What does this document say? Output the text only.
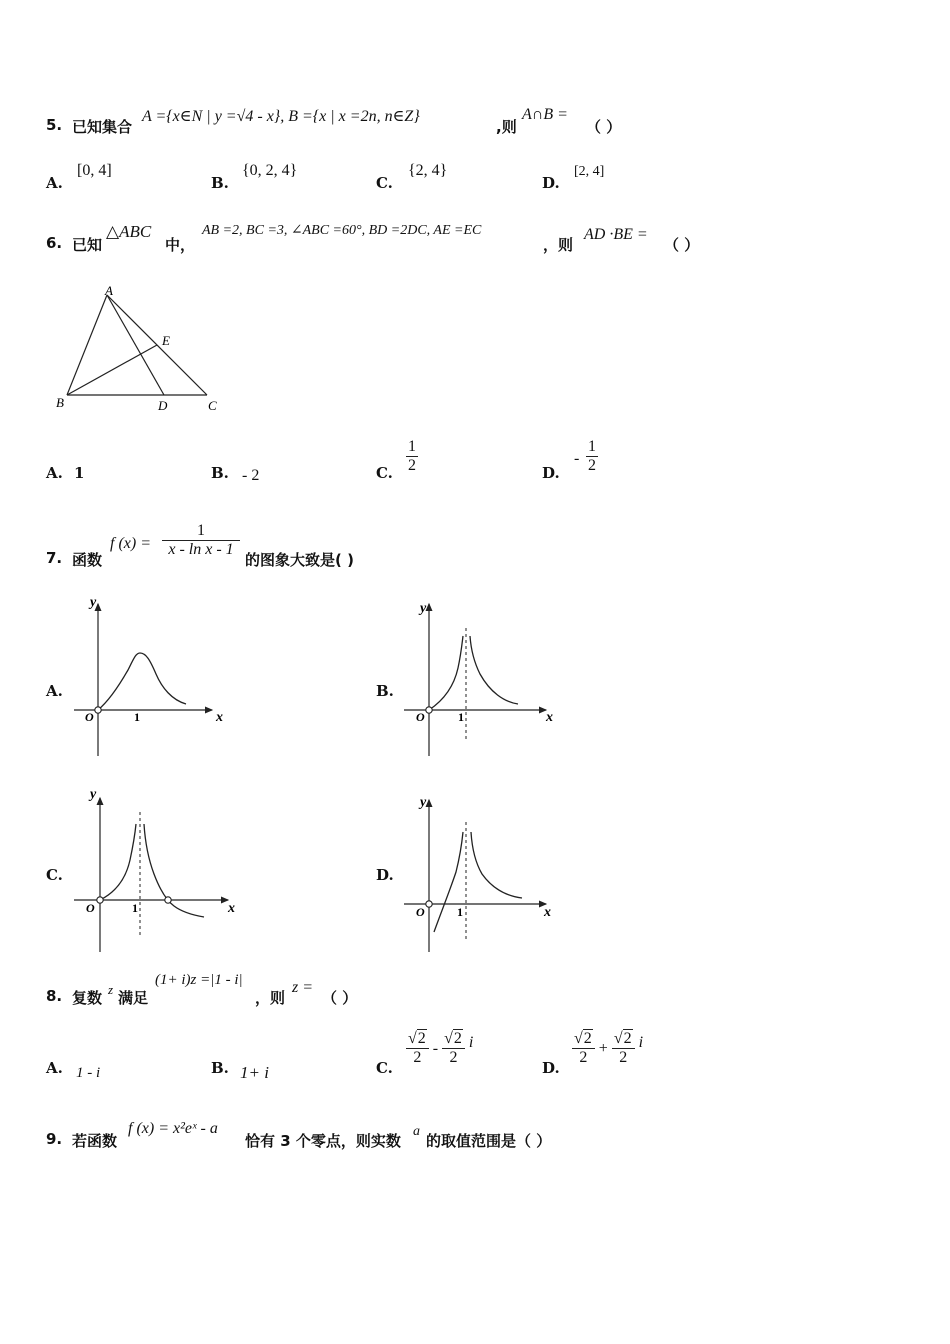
5. 已知集合
A ={x∈N | y =√4 - x}, B ={x | x =2n, n∈Z}
,则
A∩B =
（ ）
A.
[0, 4]
B.
{0, 2, 4}
C.
{2, 4}
D.
[2, 4]
6. 已知
△ABC
中，
AB =2, BC =3, ∠ABC =60°, BD =2DC, AE =EC
，则
AD ·BE =
（ ）
A
B	C
D
E
A. 1	B. - 2	C. $\frac{1}{2}$	D.
- $\frac{1}{2}$
7. 函数
f $(x) = \frac{1}{\text{x - ln x - 1}}$
的图象大致是( )
A.	B.
C.	D.
y
x
O	1
y
x
O	1
y
x
O	1
y
x
O	1
8. 复数 z 满足
(1+ i)z =|1 - i|
，则
z =
（ ）
A. 1 - i	B. 1+ i	C.
$\frac{√2}{2} - \frac{√2}{2}$ i
D.
$\frac{√2}{2} + \frac{√2}{2}$ i
9. 若函数
f (x) = x²eˣ - a
恰有 3 个零点，则实数
a
的取值范围是（ ）
